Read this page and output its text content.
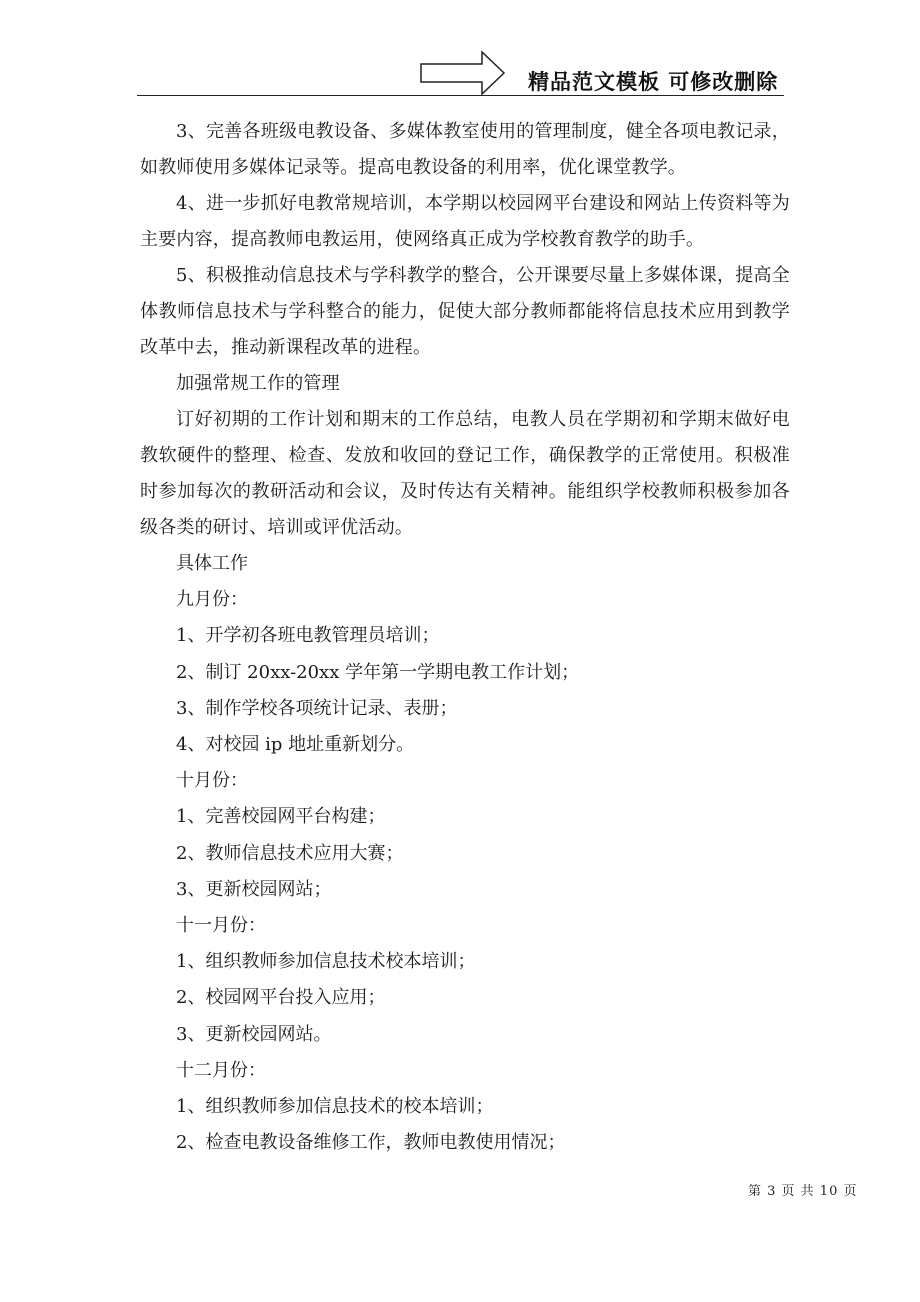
精品范文模板 可修改删除

3、完善各班级电教设备、多媒体教室使用的管理制度，健全各项电教记录，如教师使用多媒体记录等。提高电教设备的利用率，优化课堂教学。

4、进一步抓好电教常规培训，本学期以校园网平台建设和网站上传资料等为主要内容，提高教师电教运用，使网络真正成为学校教育教学的助手。

5、积极推动信息技术与学科教学的整合，公开课要尽量上多媒体课，提高全体教师信息技术与学科整合的能力，促使大部分教师都能将信息技术应用到教学改革中去，推动新课程改革的进程。

加强常规工作的管理

订好初期的工作计划和期末的工作总结，电教人员在学期初和学期末做好电教软硬件的整理、检查、发放和收回的登记工作，确保教学的正常使用。积极准时参加每次的教研活动和会议，及时传达有关精神。能组织学校教师积极参加各级各类的研讨、培训或评优活动。

具体工作

九月份：

1、开学初各班电教管理员培训；

2、制订 20xx-20xx 学年第一学期电教工作计划；

3、制作学校各项统计记录、表册；

4、对校园 ip 地址重新划分。

十月份：

1、完善校园网平台构建；

2、教师信息技术应用大赛；

3、更新校园网站；

十一月份：

1、组织教师参加信息技术校本培训；

2、校园网平台投入应用；

3、更新校园网站。

十二月份：

1、组织教师参加信息技术的校本培训；

2、检查电教设备维修工作，教师电教使用情况；

第 3 页 共 10 页
